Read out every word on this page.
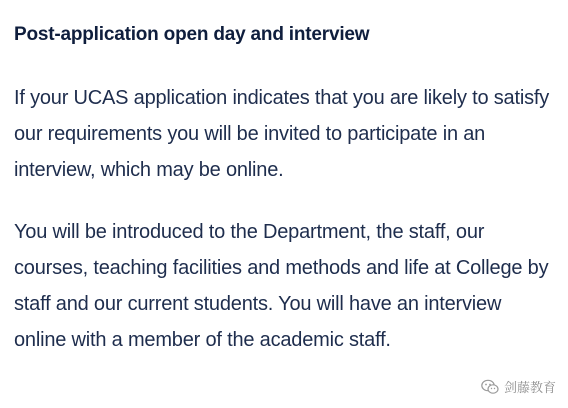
Post-application open day and interview

If your UCAS application indicates that you are likely to satisfy our requirements you will be invited to participate in an interview, which may be online.

You will be introduced to the Department, the staff, our courses, teaching facilities and methods and life at College by staff and our current students. You will have an interview online with a member of the academic staff.

剑藤教育
